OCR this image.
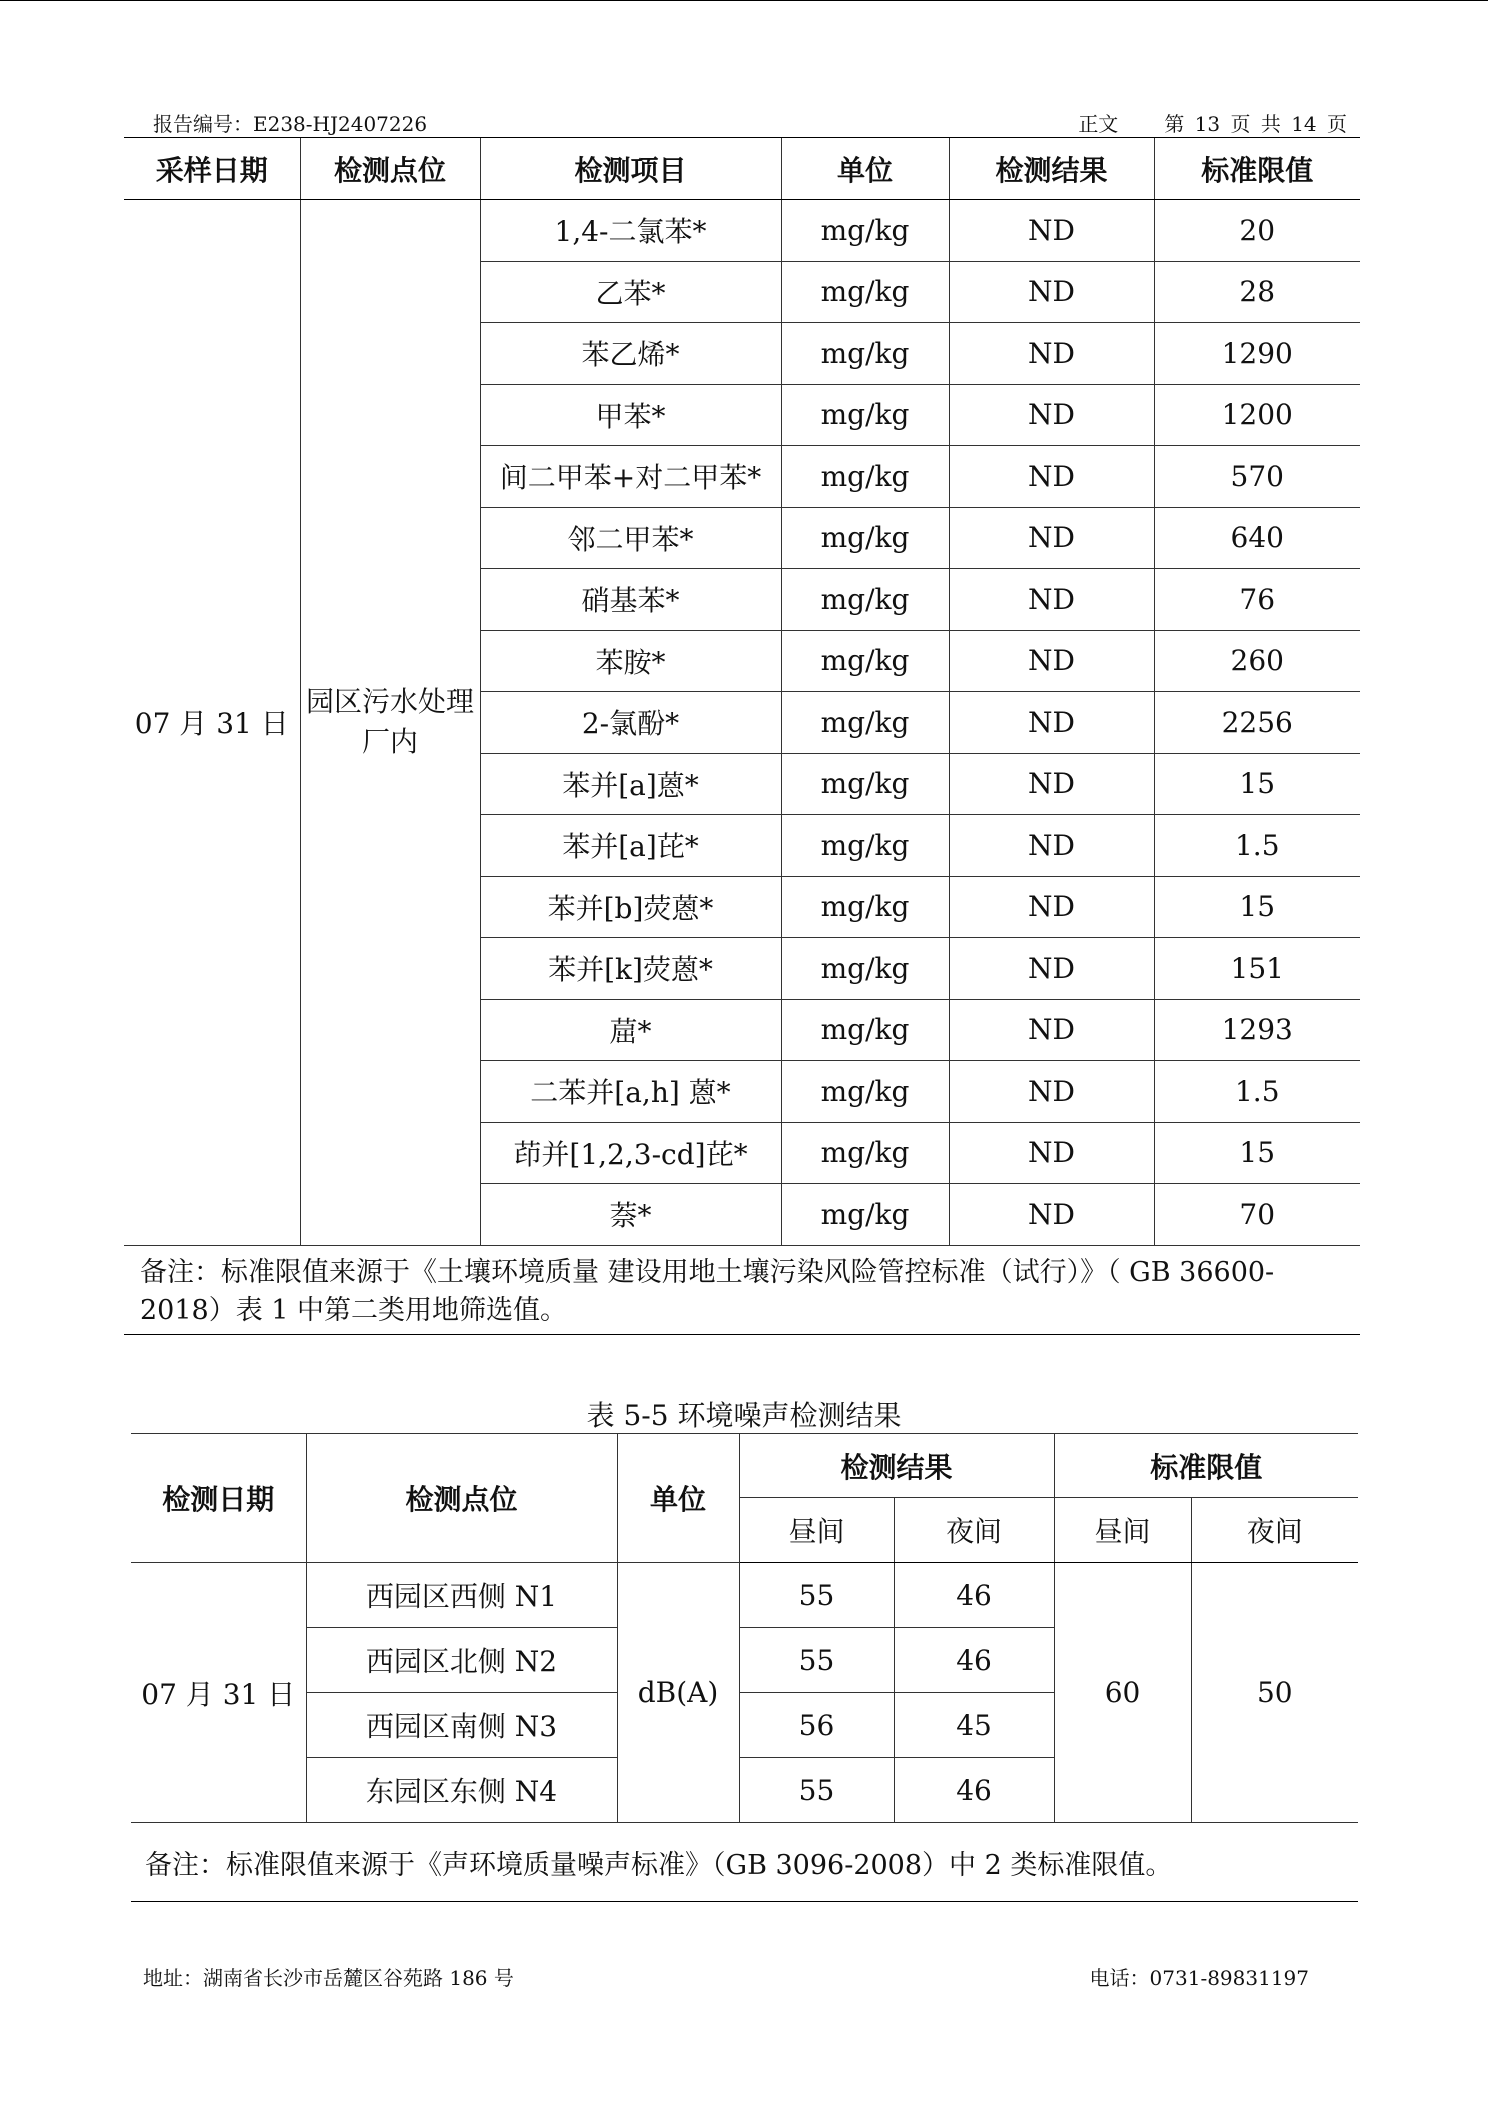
报告编号：E238-HJ2407226	正文 第 13 页 共 14 页
采样日期	检测点位	检测项目	单位	检测结果	标准限值
07 月 31 日	园区污水处理厂内	1,4-二氯苯*	mg/kg	ND	20
		乙苯*	mg/kg	ND	28
		苯乙烯*	mg/kg	ND	1290
		甲苯*	mg/kg	ND	1200
		间二甲苯+对二甲苯*	mg/kg	ND	570
		邻二甲苯*	mg/kg	ND	640
		硝基苯*	mg/kg	ND	76
		苯胺*	mg/kg	ND	260
		2-氯酚*	mg/kg	ND	2256
		苯并[a]蒽*	mg/kg	ND	15
		苯并[a]芘*	mg/kg	ND	1.5
		苯并[b]荧蒽*	mg/kg	ND	15
		苯并[k]荧蒽*	mg/kg	ND	151
		䓛*	mg/kg	ND	1293
		二苯并[a,h] 蒽*	mg/kg	ND	1.5
		茚并[1,2,3-cd]芘*	mg/kg	ND	15
		萘*	mg/kg	ND	70
备注：标准限值来源于《土壤环境质量 建设用地土壤污染风险管控标准（试行）》（ GB 36600-2018）表 1 中第二类用地筛选值。					
表 5-5 环境噪声检测结果
检测日期	检测点位	单位	检测结果		标准限值	
			昼间	夜间	昼间	夜间
07 月 31 日	西园区西侧 N1	dB(A)	55	46	60	50
	西园区北侧 N2		55	46		
	西园区南侧 N3		56	45		
	东园区东侧 N4		55	46		
备注：标准限值来源于《声环境质量噪声标准》（GB 3096-2008）中 2 类标准限值。						
地址：湖南省长沙市岳麓区谷苑路 186 号	电话：0731-89831197
